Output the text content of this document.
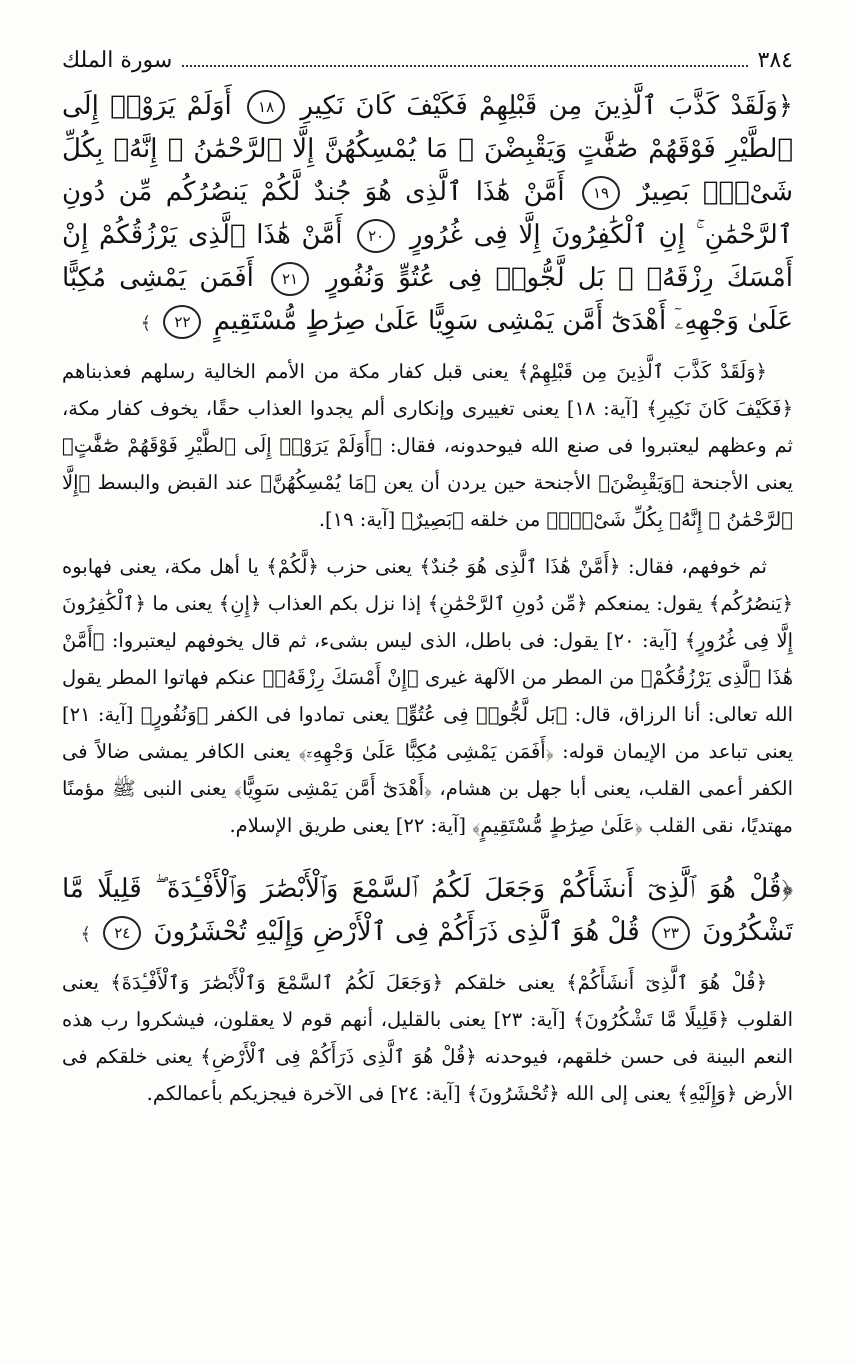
٣٨٤
سورة الملك
﴿وَلَقَدْ كَذَّبَ ٱلَّذِينَ مِن قَبْلِهِمْ فَكَيْفَ كَانَ نَكِيرِ ١٨ أَوَلَمْ يَرَوْا۟ إِلَى ٱلطَّيْرِ فَوْقَهُمْ صَٰٓفَّٰتٍ وَيَقْبِضْنَ ۚ مَا يُمْسِكُهُنَّ إِلَّا ٱلرَّحْمَٰنُ ۚ إِنَّهُۥ بِكُلِّ شَىْءٍۭ بَصِيرٌ ١٩ أَمَّنْ هَٰذَا ٱلَّذِى هُوَ جُندٌ لَّكُمْ يَنصُرُكُم مِّن دُونِ ٱلرَّحْمَٰنِ ۚ إِنِ ٱلْكَٰفِرُونَ إِلَّا فِى غُرُورٍ ٢٠ أَمَّنْ هَٰذَا ٱلَّذِى يَرْزُقُكُمْ إِنْ أَمْسَكَ رِزْقَهُۥ ۚ بَل لَّجُّوا۟ فِى عُتُوٍّ وَنُفُورٍ ٢١ أَفَمَن يَمْشِى مُكِبًّا عَلَىٰ وَجْهِهِۦٓ أَهْدَىٰٓ أَمَّن يَمْشِى سَوِيًّا عَلَىٰ صِرَٰطٍ مُّسْتَقِيمٍ ٢٢ ﴾

﴿وَلَقَدْ كَذَّبَ ٱلَّذِينَ مِن قَبْلِهِمْ﴾ يعنى قبل كفار مكة من الأمم الخالية رسلهم فعذبناهم ﴿فَكَيْفَ كَانَ نَكِيرِ﴾ [آية: ١٨] يعنى تغييرى وإنكارى ألم يجدوا العذاب حقًا، يخوف كفار مكة، ثم وعظهم ليعتبروا فى صنع الله فيوحدونه، فقال: ﴿أَوَلَمْ يَرَوْا۟ إِلَى ٱلطَّيْرِ فَوْقَهُمْ صَٰٓفَّٰتٍ﴾ يعنى الأجنحة ﴿وَيَقْبِضْنَ﴾ الأجنحة حين يردن أن يعن ﴿مَا يُمْسِكُهُنَّ﴾ عند القبض والبسط ﴿إِلَّا ٱلرَّحْمَٰنُ ۚ إِنَّهُۥ بِكُلِّ شَىْءٍۭ﴾ من خلقه ﴿بَصِيرٌ﴾ [آية: ١٩].

ثم خوفهم، فقال: ﴿أَمَّنْ هَٰذَا ٱلَّذِى هُوَ جُندٌ﴾ يعنى حزب ﴿لَّكُمْ﴾ يا أهل مكة، يعنى فهابوه ﴿يَنصُرُكُم﴾ يقول: يمنعكم ﴿مِّن دُونِ ٱلرَّحْمَٰنِ﴾ إذا نزل بكم العذاب ﴿إِنِ﴾ يعنى ما ﴿ٱلْكَٰفِرُونَ إِلَّا فِى غُرُورٍ﴾ [آية: ٢٠] يقول: فى باطل، الذى ليس بشىء، ثم قال يخوفهم ليعتبروا: ﴿أَمَّنْ هَٰذَا ٱلَّذِى يَرْزُقُكُمْ﴾ من المطر من الآلهة غيرى ﴿إِنْ أَمْسَكَ رِزْقَهُۥ﴾ عنكم فهاتوا المطر يقول الله تعالى: أنا الرزاق، قال: ﴿بَل لَّجُّوا۟ فِى عُتُوٍّ﴾ يعنى تمادوا فى الكفر ﴿وَنُفُورٍ﴾ [آية: ٢١] يعنى تباعد من الإيمان قوله: ﴿أَفَمَن يَمْشِى مُكِبًّا عَلَىٰ وَجْهِهِۦٓ﴾ يعنى الكافر يمشى ضالاً فى الكفر أعمى القلب، يعنى أبا جهل بن هشام، ﴿أَهْدَىٰٓ أَمَّن يَمْشِى سَوِيًّا﴾ يعنى النبى ﷺ مؤمنًا مهتديًا، نقى القلب ﴿عَلَىٰ صِرَٰطٍ مُّسْتَقِيمٍ﴾ [آية: ٢٢] يعنى طريق الإسلام.

﴿قُلْ هُوَ ٱلَّذِىٓ أَنشَأَكُمْ وَجَعَلَ لَكُمُ ٱلسَّمْعَ وَٱلْأَبْصَٰرَ وَٱلْأَفْـِٔدَةَ ۖ قَلِيلًا مَّا تَشْكُرُونَ ٢٣ قُلْ هُوَ ٱلَّذِى ذَرَأَكُمْ فِى ٱلْأَرْضِ وَإِلَيْهِ تُحْشَرُونَ ٢٤ ﴾

﴿قُلْ هُوَ ٱلَّذِىٓ أَنشَأَكُمْ﴾ يعنى خلقكم ﴿وَجَعَلَ لَكُمُ ٱلسَّمْعَ وَٱلْأَبْصَٰرَ وَٱلْأَفْـِٔدَةَ﴾ يعنى القلوب ﴿قَلِيلًا مَّا تَشْكُرُونَ﴾ [آية: ٢٣] يعنى بالقليل، أنهم قوم لا يعقلون، فيشكروا رب هذه النعم البينة فى حسن خلقهم، فيوحدنه ﴿قُلْ هُوَ ٱلَّذِى ذَرَأَكُمْ فِى ٱلْأَرْضِ﴾ يعنى خلقكم فى الأرض ﴿وَإِلَيْهِ﴾ يعنى إلى الله ﴿تُحْشَرُونَ﴾ [آية: ٢٤] فى الآخرة فيجزيكم بأعمالكم.
